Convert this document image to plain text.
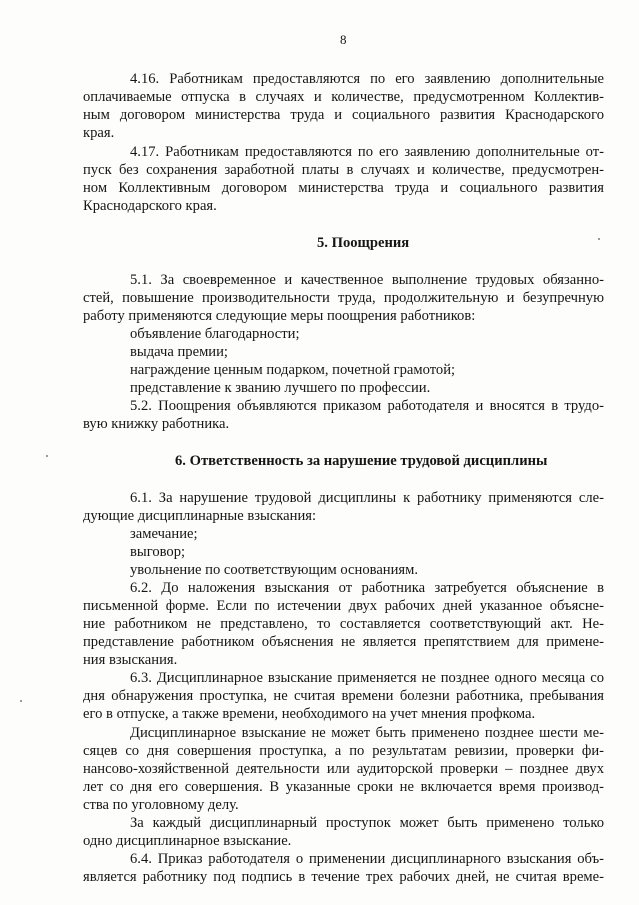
8
4.16. Работникам предоставляются по его заявлению дополнительные
оплачиваемые отпуска в случаях и количестве, предусмотренном Коллектив-
ным договором министерства труда и социального развития Краснодарского
края.
4.17. Работникам предоставляются по его заявлению дополнительные от-
пуск без сохранения заработной платы в случаях и количестве, предусмотрен-
ном Коллективным договором министерства труда и социального развития
Краснодарского края.
5. Поощрения
5.1. За своевременное и качественное выполнение трудовых обязанно-
стей, повышение производительности труда, продолжительную и безупречную
работу применяются следующие меры поощрения работников:
объявление благодарности;
выдача премии;
награждение ценным подарком, почетной грамотой;
представление к званию лучшего по профессии.
5.2. Поощрения объявляются приказом работодателя и вносятся в трудо-
вую книжку работника.
6. Ответственность за нарушение трудовой дисциплины
6.1. За нарушение трудовой дисциплины к работнику применяются сле-
дующие дисциплинарные взыскания:
замечание;
выговор;
увольнение по соответствующим основаниям.
6.2. До наложения взыскания от работника затребуется объяснение в
письменной форме. Если по истечении двух рабочих дней указанное объясне-
ние работником не представлено, то составляется соответствующий акт. Не-
представление работником объяснения не является препятствием для примене-
ния взыскания.
6.3. Дисциплинарное взыскание применяется не позднее одного месяца со
дня обнаружения проступка, не считая времени болезни работника, пребывания
его в отпуске, а также времени, необходимого на учет мнения профкома.
Дисциплинарное взыскание не может быть применено позднее шести ме-
сяцев со дня совершения проступка, а по результатам ревизии, проверки фи-
нансово-хозяйственной деятельности или аудиторской проверки – позднее двух
лет со дня его совершения. В указанные сроки не включается время производ-
ства по уголовному делу.
За каждый дисциплинарный проступок может быть применено только
одно дисциплинарное взыскание.
6.4. Приказ работодателя о применении дисциплинарного взыскания объ-
является работнику под подпись в течение трех рабочих дней, не считая време-
